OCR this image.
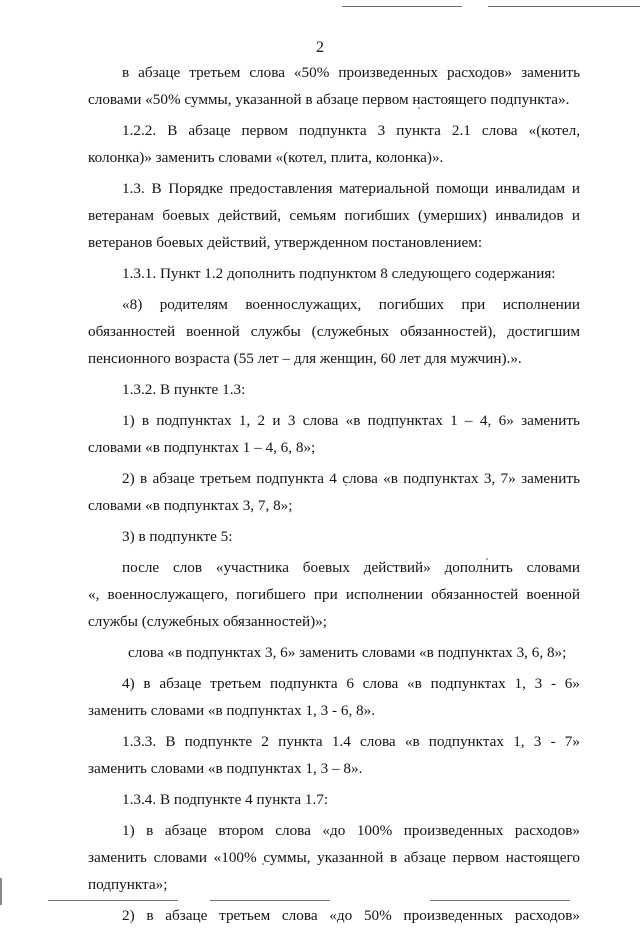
2

в абзаце третьем слова «50% произведенных расходов» заменить
словами «50% суммы, указанной в абзаце первом настоящего подпункта».

1.2.2. В абзаце первом подпункта 3 пункта 2.1 слова «(котел,
колонка)» заменить словами «(котел, плита, колонка)».

1.3. В Порядке предоставления материальной помощи инвалидам и
ветеранам боевых действий, семьям погибших (умерших) инвалидов и
ветеранов боевых действий, утвержденном постановлением:

1.3.1. Пункт 1.2 дополнить подпунктом 8 следующего содержания:

«8) родителям военнослужащих, погибших при исполнении
обязанностей военной службы (служебных обязанностей), достигшим
пенсионного возраста (55 лет – для женщин, 60 лет для мужчин).».

1.3.2. В пункте 1.3:

1) в подпунктах 1, 2 и 3 слова «в подпунктах 1 – 4, 6» заменить
словами «в подпунктах 1 – 4, 6, 8»;

2) в абзаце третьем подпункта 4 слова «в подпунктах 3, 7» заменить
словами «в подпунктах 3, 7, 8»;

3) в подпункте 5:

после слов «участника боевых действий» дополнить словами
«, военнослужащего, погибшего при исполнении обязанностей военной
службы (служебных обязанностей)»;

слова «в подпунктах 3, 6» заменить словами «в подпунктах 3, 6, 8»;

4) в абзаце третьем подпункта 6 слова «в подпунктах 1, 3 - 6»
заменить словами «в подпунктах 1, 3 - 6, 8».

1.3.3. В подпункте 2 пункта 1.4 слова «в подпунктах 1, 3 - 7»
заменить словами «в подпунктах 1, 3 – 8».

1.3.4. В подпункте 4 пункта 1.7:

1) в абзаце втором слова «до 100% произведенных расходов»
заменить словами «100% суммы, указанной в абзаце первом настоящего
подпункта»;

2) в абзаце третьем слова «до 50% произведенных расходов»
